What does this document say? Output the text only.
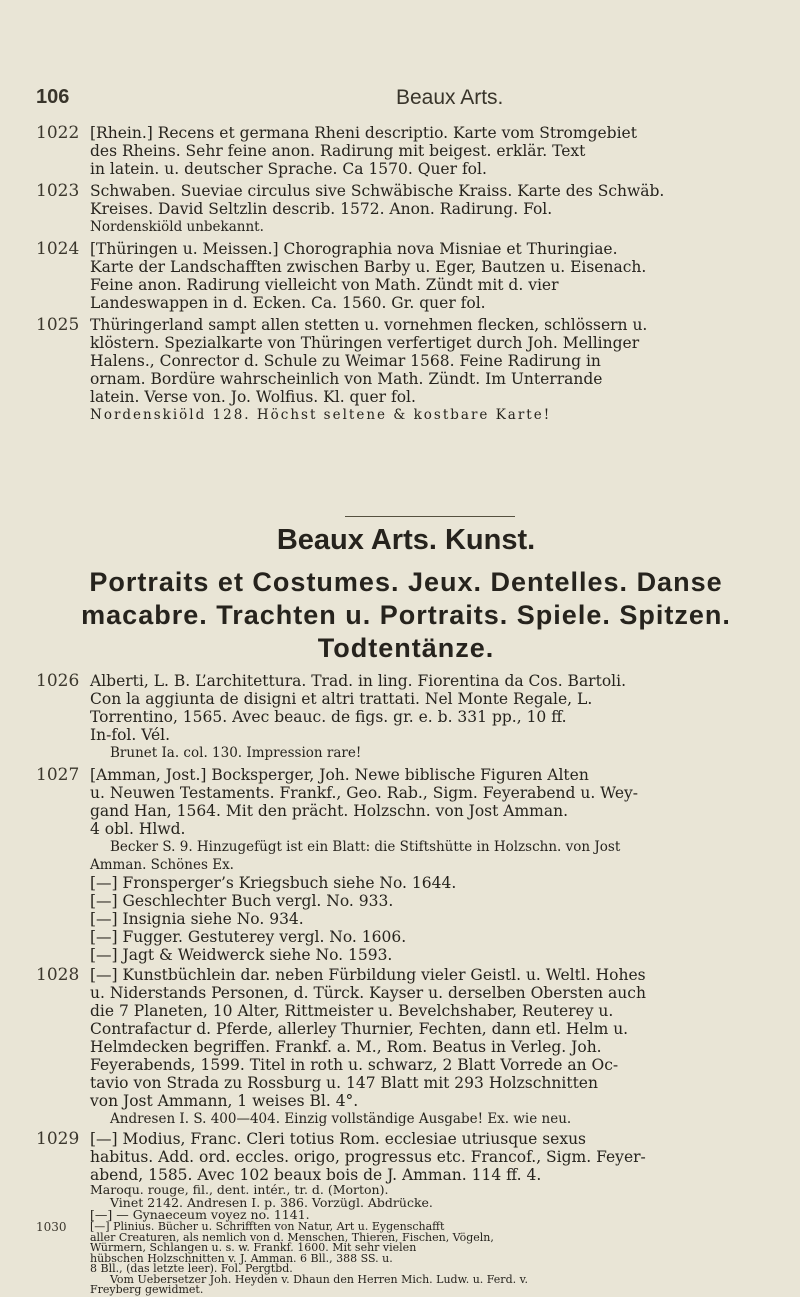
106	Beaux Arts.
1022 [Rhein.] Recens et germana Rheni descriptio. Karte vom Stromgebiet
des Rheins. Sehr feine anon. Radirung mit beigest. erklär. Text
in latein. u. deutscher Sprache. Ca 1570. Quer fol.
1023 Schwaben. Sueviae circulus sive Schwäbische Kraiss. Karte des Schwäb.
Kreises. David Seltzlin describ. 1572. Anon. Radirung. Fol.
Nordenskiöld unbekannt.
1024 [Thüringen u. Meissen.] Chorographia nova Misniae et Thuringiae.
Karte der Landschafften zwischen Barby u. Eger, Bautzen u. Eisenach.
Feine anon. Radirung vielleicht von Math. Zündt mit d. vier
Landeswappen in d. Ecken. Ca. 1560. Gr. quer fol.
1025 Thüringerland sampt allen stetten u. vornehmen flecken, schlössern u.
klöstern. Spezialkarte von Thüringen verfertiget durch Joh. Mellinger
Halens., Conrector d. Schule zu Weimar 1568. Feine Radirung in
ornam. Bordüre wahrscheinlich von Math. Zündt. Im Unterrande
latein. Verse von. Jo. Wolfius. Kl. quer fol.
Nordenskiöld 128. Höchst seltene & kostbare Karte!
Beaux Arts. Kunst.
Portraits et Costumes. Jeux. Dentelles. Danse
macabre. Trachten u. Portraits. Spiele. Spitzen.
Todtentänze.
1026 Alberti, L. B. L’architettura. Trad. in ling. Fiorentina da Cos. Bartoli.
Con la aggiunta de disigni et altri trattati. Nel Monte Regale, L.
Torrentino, 1565. Avec beauc. de figs. gr. e. b. 331 pp., 10 ff.
In-fol. Vél.
Brunet Ia. col. 130. Impression rare!
1027 [Amman, Jost.] Bocksperger, Joh. Newe biblische Figuren Alten
u. Neuwen Testaments. Frankf., Geo. Rab., Sigm. Feyerabend u. Wey-
gand Han, 1564. Mit den prächt. Holzschn. von Jost Amman.
4 obl. Hlwd.
Becker S. 9. Hinzugefügt ist ein Blatt: die Stiftshütte in Holzschn. von Jost
Amman. Schönes Ex.
[—] Fronsperger’s Kriegsbuch siehe No. 1644.
[—] Geschlechter Buch vergl. No. 933.
[—] Insignia siehe No. 934.
[—] Fugger. Gestuterey vergl. No. 1606.
[—] Jagt & Weidwerck siehe No. 1593.
1028 [—] Kunstbüchlein dar. neben Fürbildung vieler Geistl. u. Weltl. Hohes
u. Niderstands Personen, d. Türck. Kayser u. derselben Obersten auch
die 7 Planeten, 10 Alter, Rittmeister u. Bevelchshaber, Reuterey u.
Contrafactur d. Pferde, allerley Thurnier, Fechten, dann etl. Helm u.
Helmdecken begriffen. Frankf. a. M., Rom. Beatus in Verleg. Joh.
Feyerabends, 1599. Titel in roth u. schwarz, 2 Blatt Vorrede an Oc-
tavio von Strada zu Rossburg u. 147 Blatt mit 293 Holzschnitten
von Jost Ammann, 1 weises Bl. 4°.
Andresen I. S. 400—404. Einzig vollständige Ausgabe! Ex. wie neu.
1029 [—] Modius, Franc. Cleri totius Rom. ecclesiae utriusque sexus
habitus. Add. ord. eccles. origo, progressus etc. Francof., Sigm. Feyer-
abend, 1585. Avec 102 beaux bois de J. Amman. 114 ff. 4.
Maroqu. rouge, fil., dent. intér., tr. d. (Morton).
Vinet 2142. Andresen I. p. 386. Vorzügl. Abdrücke.
[—] — Gynaeceum voyez no. 1141.
1030	[—] Plinius. Bücher u. Schrifften von Natur, Art u. Eygenschafft
aller Creaturen, als nemlich von d. Menschen, Thieren, Fischen, Vögeln,
Würmern, Schlangen u. s. w. Frankf. 1600. Mit sehr vielen
hübschen Holzschnitten v. J. Amman. 6 Bll., 388 SS. u.
8 Bll., (das letzte leer). Fol. Pergtbd.
Vom Uebersetzer Joh. Heyden v. Dhaun den Herren Mich. Ludw. u. Ferd. v.
Freyberg gewidmet.
